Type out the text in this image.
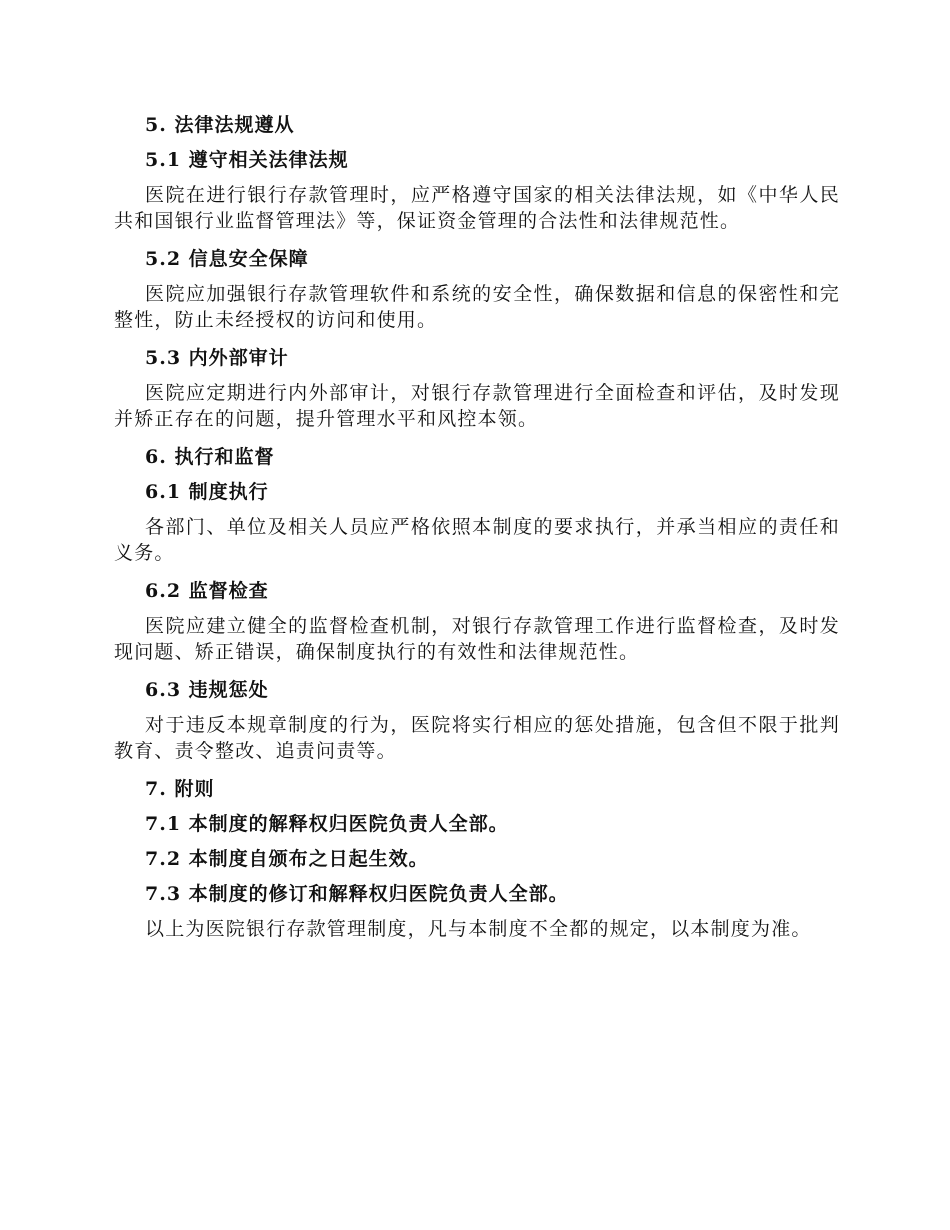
5. 法律法规遵从
5.1 遵守相关法律法规
医院在进行银行存款管理时，应严格遵守国家的相关法律法规，如《中华人民共和国银行业监督管理法》等，保证资金管理的合法性和法律规范性。
5.2 信息安全保障
医院应加强银行存款管理软件和系统的安全性，确保数据和信息的保密性和完整性，防止未经授权的访问和使用。
5.3 内外部审计
医院应定期进行内外部审计，对银行存款管理进行全面检查和评估，及时发现并矫正存在的问题，提升管理水平和风控本领。
6. 执行和监督
6.1 制度执行
各部门、单位及相关人员应严格依照本制度的要求执行，并承当相应的责任和义务。
6.2 监督检查
医院应建立健全的监督检查机制，对银行存款管理工作进行监督检查，及时发现问题、矫正错误，确保制度执行的有效性和法律规范性。
6.3 违规惩处
对于违反本规章制度的行为，医院将实行相应的惩处措施，包含但不限于批判教育、责令整改、追责问责等。
7. 附则
7.1 本制度的解释权归医院负责人全部。
7.2 本制度自颁布之日起生效。
7.3 本制度的修订和解释权归医院负责人全部。
以上为医院银行存款管理制度，凡与本制度不全都的规定，以本制度为准。
